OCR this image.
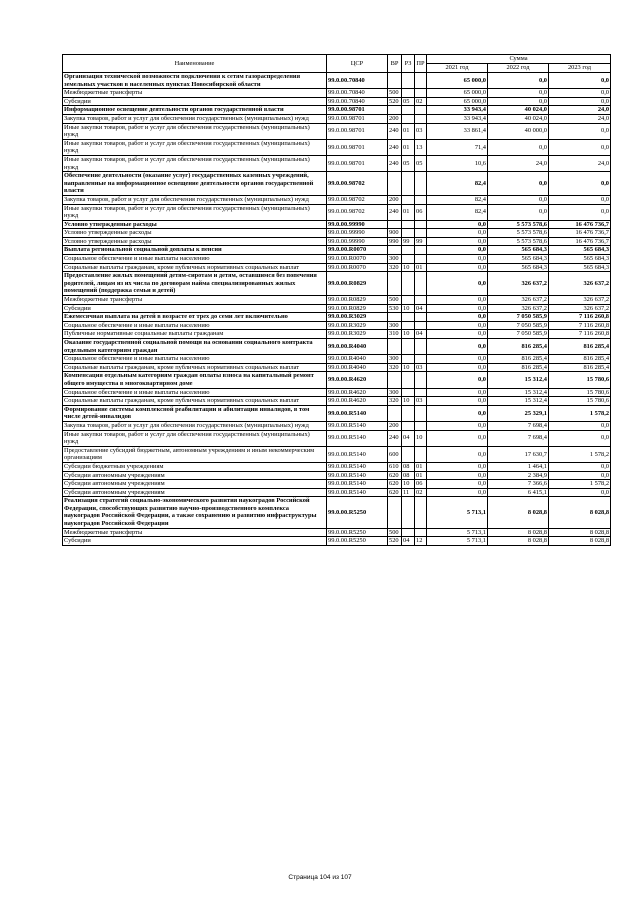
Наименование	ЦСР	ВР	РЗ	ПР	Сумма		
					2021 год	2022 год	2023 год
Организация технической возможности подключения к сетям газораспределения земельных участков в населенных пунктах Новосибирской области	99.0.00.70840				65 000,0	0,0	0,0
Межбюджетные трансферты	99.0.00.70840	500			65 000,0	0,0	0,0
Субсидии	99.0.00.70840	520	05	02	65 000,0	0,0	0,0
Информационное освещение деятельности органов государственной власти	99.0.00.98701				33 943,4	40 024,0	24,0
Закупка товаров, работ и услуг для обеспечения государственных (муниципальных) нужд	99.0.00.98701	200			33 943,4	40 024,0	24,0
Иные закупки товаров, работ и услуг для обеспечения государственных (муниципальных) нужд	99.0.00.98701	240	01	03	33 861,4	40 000,0	0,0
Иные закупки товаров, работ и услуг для обеспечения государственных (муниципальных) нужд	99.0.00.98701	240	01	13	71,4	0,0	0,0
Иные закупки товаров, работ и услуг для обеспечения государственных (муниципальных) нужд	99.0.00.98701	240	05	05	10,6	24,0	24,0
Обеспечение деятельности (оказание услуг) государственных казенных учреждений, направленные на информационное освещение деятельности органов государственной власти	99.0.00.98702				82,4	0,0	0,0
Закупка товаров, работ и услуг для обеспечения государственных (муниципальных) нужд	99.0.00.98702	200			82,4	0,0	0,0
Иные закупки товаров, работ и услуг для обеспечения государственных (муниципальных) нужд	99.0.00.98702	240	01	06	82,4	0,0	0,0
Условно утвержденные расходы	99.0.00.99990				0,0	5 573 578,6	16 476 736,7
Условно утвержденные расходы	99.0.00.99990	900			0,0	5 573 578,6	16 476 736,7
Условно утвержденные расходы	99.0.00.99990	990	99	99	0,0	5 573 578,6	16 476 736,7
Выплата региональной социальной доплаты к пенсии	99.0.00.R0070				0,0	565 684,3	565 684,3
Социальное обеспечение и иные выплаты населению	99.0.00.R0070	300			0,0	565 684,3	565 684,3
Социальные выплаты гражданам, кроме публичных нормативных социальных выплат	99.0.00.R0070	320	10	01	0,0	565 684,3	565 684,3
Предоставление жилых помещений детям-сиротам и детям, оставшимся без попечения родителей, лицам из их числа по договорам найма специализированных жилых помещений (поддержка семьи и детей)	99.0.00.R0829				0,0	326 637,2	326 637,2
Межбюджетные трансферты	99.0.00.R0829	500			0,0	326 637,2	326 637,2
Субсидии	99.0.00.R0829	530	10	04	0,0	326 637,2	326 637,2
Ежемесячная выплата на детей в возрасте от трех до семи лет включительно	99.0.00.R3029				0,0	7 050 585,9	7 116 260,8
Социальное обеспечение и иные выплаты населению	99.0.00.R3029	300			0,0	7 050 585,9	7 116 260,8
Публичные нормативные социальные выплаты гражданам	99.0.00.R3029	310	10	04	0,0	7 050 585,9	7 116 260,8
Оказание государственной социальной помощи на основании социального контракта отдельным категориям граждан	99.0.00.R4040				0,0	816 285,4	816 285,4
Социальное обеспечение и иные выплаты населению	99.0.00.R4040	300			0,0	816 285,4	816 285,4
Социальные выплаты гражданам, кроме публичных нормативных социальных выплат	99.0.00.R4040	320	10	03	0,0	816 285,4	816 285,4
Компенсация отдельным категориям граждан оплаты взноса на капитальный ремонт общего имущества в многоквартирном доме	99.0.00.R4620				0,0	15 312,4	15 780,6
Социальное обеспечение и иные выплаты населению	99.0.00.R4620	300			0,0	15 312,4	15 780,6
Социальные выплаты гражданам, кроме публичных нормативных социальных выплат	99.0.00.R4620	320	10	03	0,0	15 312,4	15 780,6
Формирование системы комплексной реабилитации и абилитации инвалидов, в том числе детей-инвалидов	99.0.00.R5140				0,0	25 329,1	1 578,2
Закупка товаров, работ и услуг для обеспечения государственных (муниципальных) нужд	99.0.00.R5140	200			0,0	7 698,4	0,0
Иные закупки товаров, работ и услуг для обеспечения государственных (муниципальных) нужд	99.0.00.R5140	240	04	10	0,0	7 698,4	0,0
Предоставление субсидий бюджетным, автономным учреждениям и иным некоммерческим организациям	99.0.00.R5140	600			0,0	17 630,7	1 578,2
Субсидии бюджетным учреждениям	99.0.00.R5140	610	08	01	0,0	1 464,1	0,0
Субсидии автономным учреждениям	99.0.00.R5140	620	08	01	0,0	2 384,9	0,0
Субсидии автономным учреждениям	99.0.00.R5140	620	10	06	0,0	7 366,6	1 578,2
Субсидии автономным учреждениям	99.0.00.R5140	620	11	02	0,0	6 415,1	0,0
Реализация стратегий социально-экономического развития наукоградов Российской Федерации, способствующих развитию научно-производственного комплекса наукоградов Российской Федерации, а также сохранению и развитию инфраструктуры наукоградов Российской Федерации	99.0.00.R5250				5 713,1	8 028,8	8 028,8
Межбюджетные трансферты	99.0.00.R5250	500			5 713,1	8 028,8	8 028,8
Субсидии	99.0.00.R5250	520	04	12	5 713,1	8 028,8	8 028,8
Страница 104 из 107
